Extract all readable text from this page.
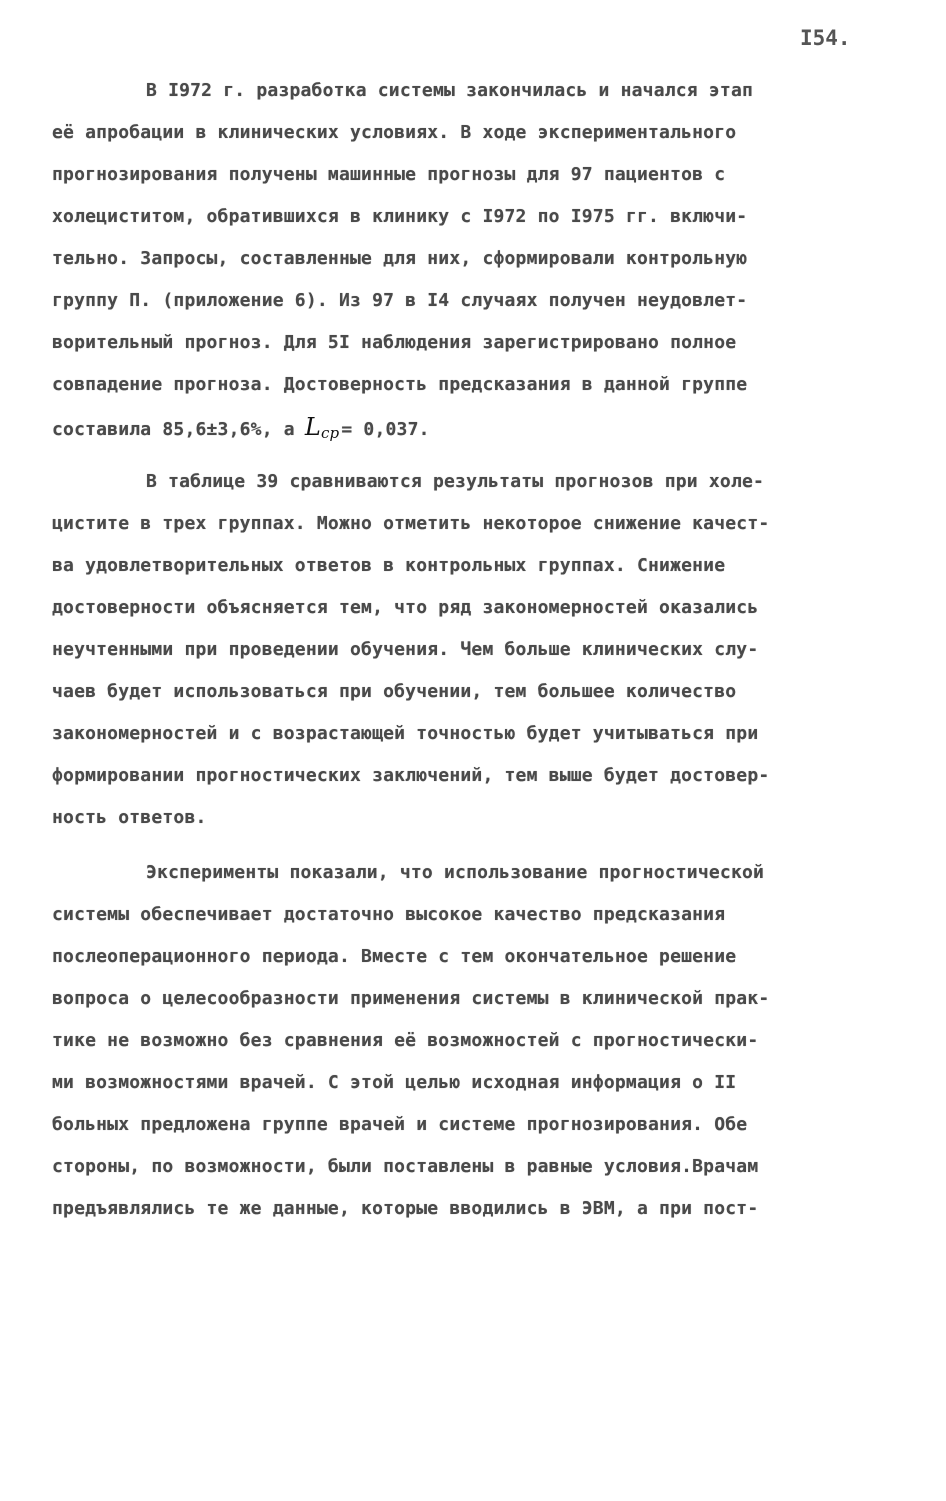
I54.
В I972 г. разработка системы закончилась и начался этап
её апробации в клинических условиях. В ходе экспериментального
прогнозирования получены машинные прогнозы для 97 пациентов с
холециститом, обратившихся в клинику с I972 по I975 гг. включи-
тельно. Запросы, составленные для них, сформировали контрольную
группу П. (приложение 6). Из 97 в I4 случаях получен неудовлет-
ворительный прогноз. Для 5I наблюдения зарегистрировано полное
совпадение прогноза. Достоверность предсказания в данной группе
составила 85,6±3,6%, а $L_{ср} = 0,037$.
В таблице 39 сравниваются результаты прогнозов при холе-
цистите в трех группах. Можно отметить некоторое снижение качест-
ва удовлетворительных ответов в контрольных группах. Снижение
достоверности объясняется тем, что ряд закономерностей оказались
неучтенными при проведении обучения. Чем больше клинических слу-
чаев будет использоваться при обучении, тем большее количество
закономерностей и с возрастающей точностью будет учитываться при
формировании прогностических заключений, тем выше будет достовер-
ность ответов.
Эксперименты показали, что использование прогностической
системы обеспечивает достаточно высокое качество предсказания
послеоперационного периода. Вместе с тем окончательное решение
вопроса о целесообразности применения системы в клинической прак-
тике не возможно без сравнения её возможностей с прогностически-
ми возможностями врачей. С этой целью исходная информация о II
больных предложена группе врачей и системе прогнозирования. Обе
стороны, по возможности, были поставлены в равные условия.Врачам
предъявлялись те же данные, которые вводились в ЭВМ, а при пост-
